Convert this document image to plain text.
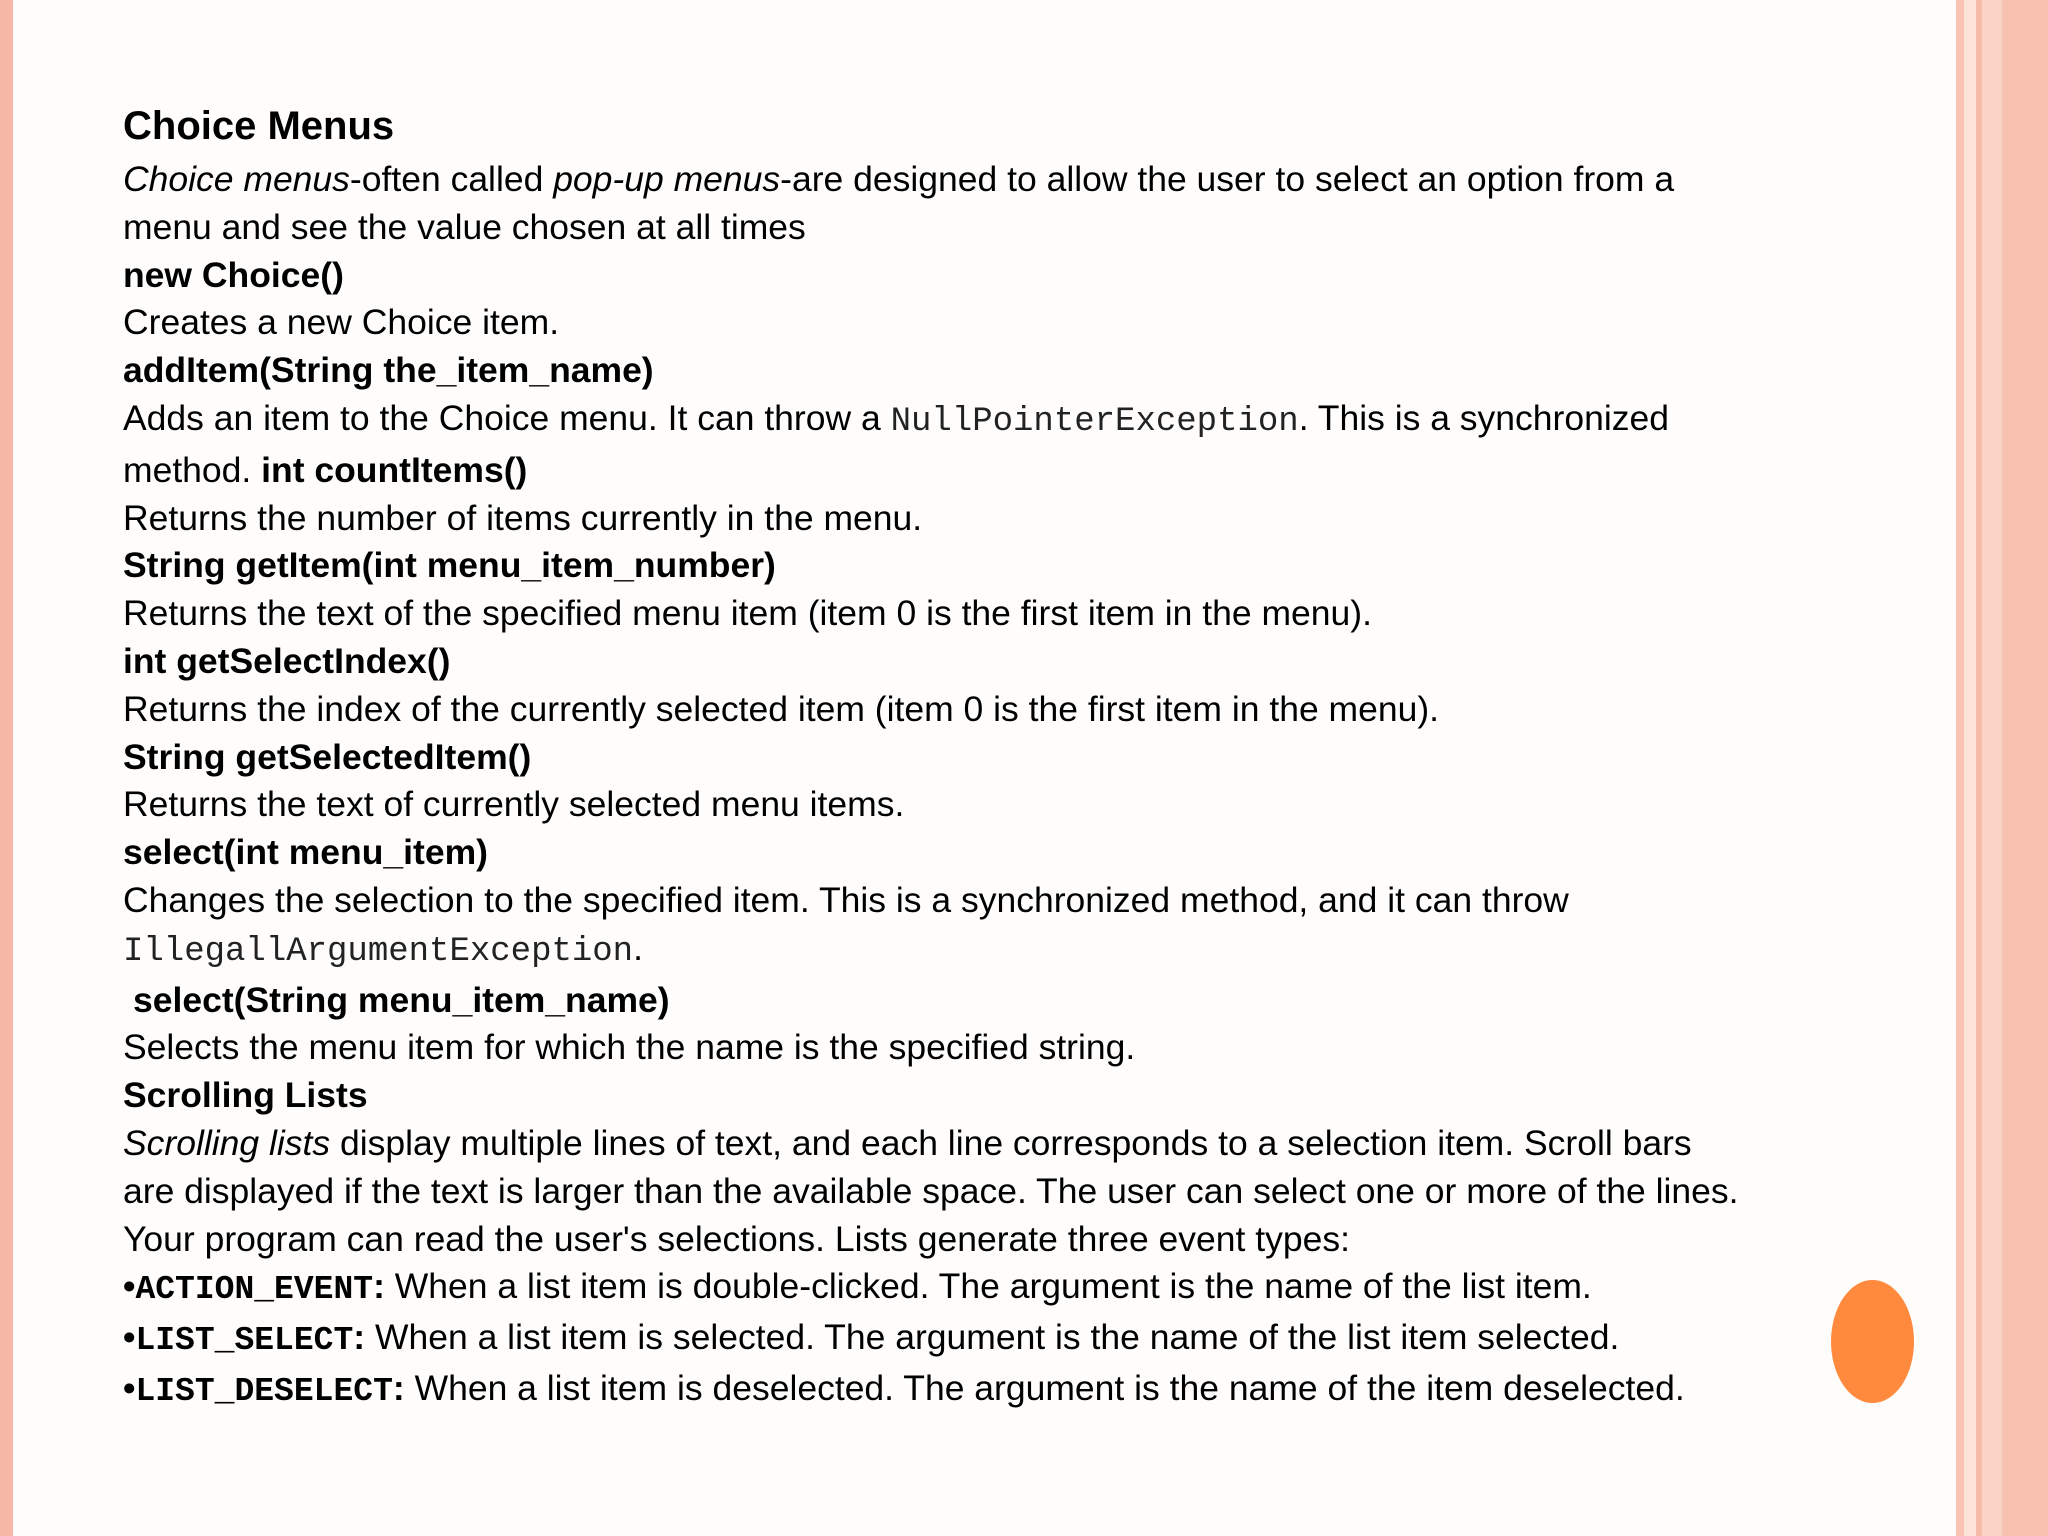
Choice Menus
Choice menus-often called pop-up menus-are designed to allow the user to select an option from a
menu and see the value chosen at all times
new Choice()
Creates a new Choice item.
addItem(String the_item_name)
Adds an item to the Choice menu. It can throw a NullPointerException. This is a synchronized
method. int countItems()
Returns the number of items currently in the menu.
String getItem(int menu_item_number)
Returns the text of the specified menu item (item 0 is the first item in the menu).
int getSelectIndex()
Returns the index of the currently selected item (item 0 is the first item in the menu).
String getSelectedItem()
Returns the text of currently selected menu items.
select(int menu_item)
Changes the selection to the specified item. This is a synchronized method, and it can throw
IllegallArgumentException.
select(String menu_item_name)
Selects the menu item for which the name is the specified string.
Scrolling Lists
Scrolling lists display multiple lines of text, and each line corresponds to a selection item. Scroll bars
are displayed if the text is larger than the available space. The user can select one or more of the lines.
Your program can read the user's selections. Lists generate three event types:
•ACTION_EVENT: When a list item is double-clicked. The argument is the name of the list item.
•LIST_SELECT: When a list item is selected. The argument is the name of the list item selected.
•LIST_DESELECT: When a list item is deselected. The argument is the name of the item deselected.
